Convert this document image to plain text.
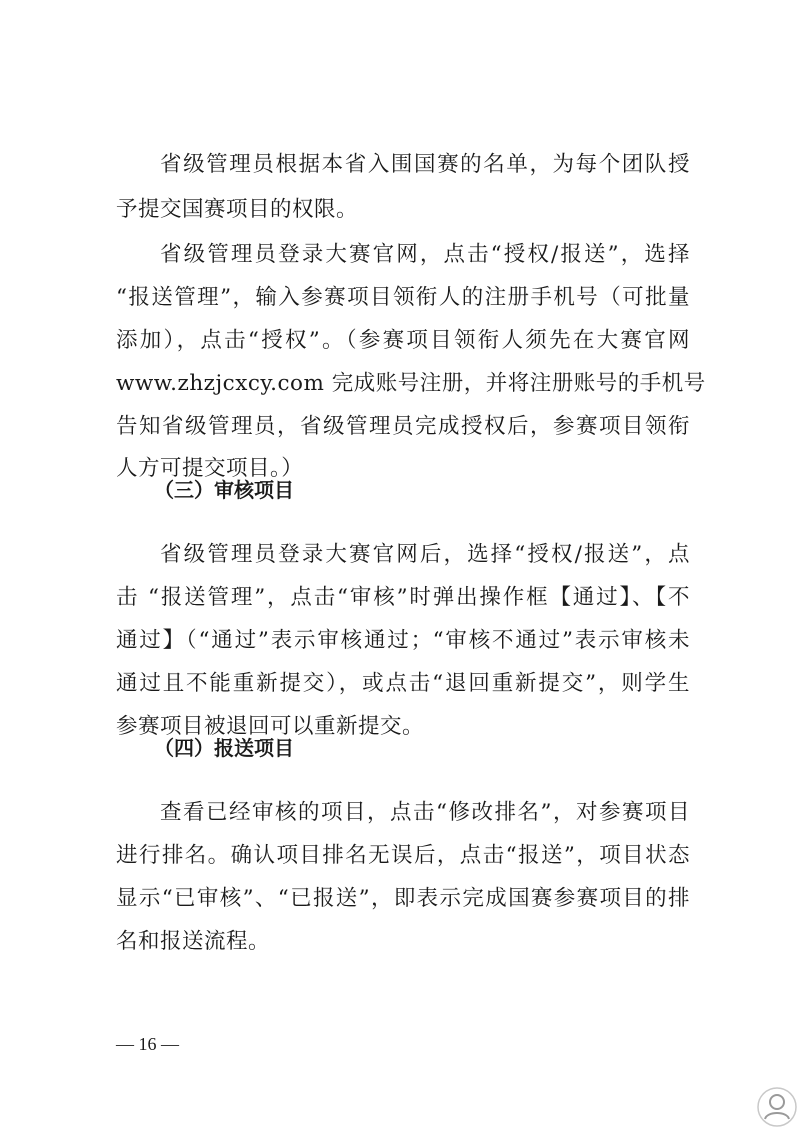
省级管理员根据本省入围国赛的名单，为每个团队授
予提交国赛项目的权限。
省级管理员登录大赛官网，点击“授权/报送”，选择
“报送管理”，输入参赛项目领衔人的注册手机号（可批量
添加），点击“授权”。（参赛项目领衔人须先在大赛官网
www.zhzjcxcy.com 完成账号注册，并将注册账号的手机号
告知省级管理员，省级管理员完成授权后，参赛项目领衔
人方可提交项目。）
（三）审核项目
省级管理员登录大赛官网后，选择“授权/报送”，点
击 “报送管理”，点击“审核”时弹出操作框【通过】、【不
通过】（“通过”表示审核通过；“审核不通过”表示审核未
通过且不能重新提交），或点击“退回重新提交”，则学生
参赛项目被退回可以重新提交。
（四）报送项目
查看已经审核的项目，点击“修改排名”，对参赛项目
进行排名。确认项目排名无误后，点击“报送”，项目状态
显示“已审核”、“已报送”，即表示完成国赛参赛项目的排
名和报送流程。
— 16 —
